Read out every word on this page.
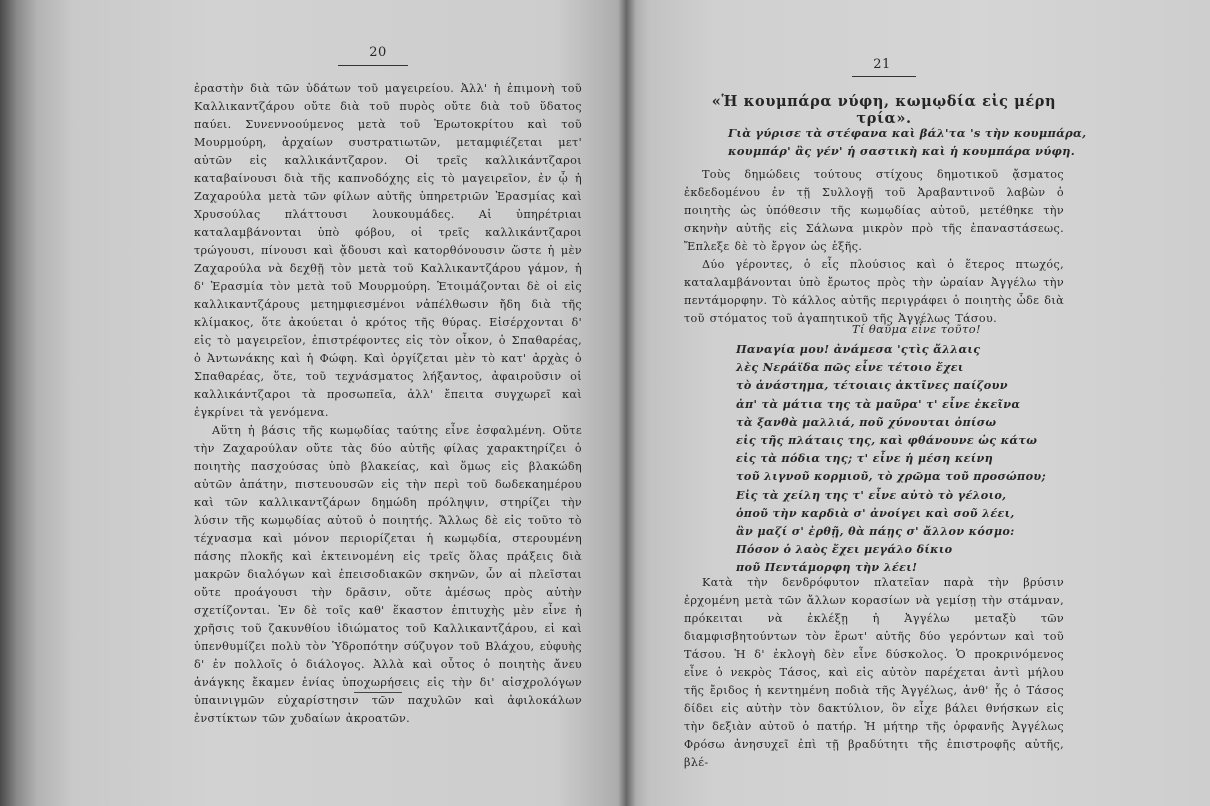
20

ἐραστὴν διὰ τῶν ὑδάτων τοῦ μαγειρείου. Ἀλλ' ἡ ἐπιμονὴ τοῦ Καλλικαντζάρου οὔτε διὰ τοῦ πυρὸς οὔτε διὰ τοῦ ὕδατος παύει. Συνεννοούμενος μετὰ τοῦ Ἐρωτοκρίτου καὶ τοῦ Μουρμούρη, ἀρχαίων συστρατιωτῶν, μεταμφιέζεται μετ' αὐτῶν εἰς καλλικάντζαρον. Οἱ τρεῖς καλλικάντζαροι καταβαίνουσι διὰ τῆς καπνοδόχης εἰς τὸ μαγειρεῖον, ἐν ᾧ ἡ Ζαχαρούλα μετὰ τῶν φίλων αὐτῆς ὑπηρετριῶν Ἐρασμίας καὶ Χρυσούλας πλάττουσι λουκουμάδες. Αἱ ὑπηρέτριαι καταλαμβάνονται ὑπὸ φόβου, οἱ τρεῖς καλλικάντζαροι τρώγουσι, πίνουσι καὶ ᾄδουσι καὶ κατορθόνουσιν ὥστε ἡ μὲν Ζαχαρούλα νὰ δεχθῇ τὸν μετὰ τοῦ Καλλικαντζάρου γάμον, ἡ δ' Ἐρασμία τὸν μετὰ τοῦ Μουρμούρη. Ἑτοιμάζονται δὲ οἱ εἰς καλλικαντζάρους μετημφιεσμένοι νἀπέλθωσιν ἤδη διὰ τῆς κλίμακος, ὅτε ἀκούεται ὁ κρότος τῆς θύρας. Εἰσέρχονται δ' εἰς τὸ μαγειρεῖον, ἐπιστρέφοντες εἰς τὸν οἶκον, ὁ Σπαθαρέας, ὁ Ἀντωνάκης καὶ ἡ Φώφη. Καὶ ὀργίζεται μὲν τὸ κατ' ἀρχὰς ὁ Σπαθαρέας, ὅτε, τοῦ τεχνάσματος λήξαντος, ἀφαιροῦσιν οἱ καλλικάντζαροι τὰ προσωπεῖα, ἀλλ' ἔπειτα συγχωρεῖ καὶ ἐγκρίνει τὰ γενόμενα.

Αὕτη ἡ βάσις τῆς κωμῳδίας ταύτης εἶνε ἐσφαλμένη. Οὔτε τὴν Ζαχαρούλαν οὔτε τὰς δύο αὐτῆς φίλας χαρακτηρίζει ὁ ποιητὴς πασχούσας ὑπὸ βλακείας, καὶ ὅμως εἰς βλακώδη αὐτῶν ἀπάτην, πιστευουσῶν εἰς τὴν περὶ τοῦ δωδεκαημέρου καὶ τῶν καλλικαντζάρων δημώδη πρόληψιν, στηρίζει τὴν λύσιν τῆς κωμῳδίας αὑτοῦ ὁ ποιητής. Ἄλλως δὲ εἰς τοῦτο τὸ τέχνασμα καὶ μόνον περιορίζεται ἡ κωμῳδία, στερουμένη πάσης πλοκῆς καὶ ἐκτεινομένη εἰς τρεῖς ὅλας πράξεις διὰ μακρῶν διαλόγων καὶ ἐπεισοδιακῶν σκηνῶν, ὧν αἱ πλεῖσται οὔτε προάγουσι τὴν δρᾶσιν, οὔτε ἀμέσως πρὸς αὐτὴν σχετίζονται. Ἐν δὲ τοῖς καθ' ἕκαστον ἐπιτυχὴς μὲν εἶνε ἡ χρῆσις τοῦ ζακυνθίου ἰδιώματος τοῦ Καλλικαντζάρου, εἰ καὶ ὑπενθυμίζει πολὺ τὸν Ὑδροπότην σύζυγον τοῦ Βλάχου, εὐφυὴς δ' ἐν πολλοῖς ὁ διάλογος. Ἀλλὰ καὶ οὗτος ὁ ποιητὴς ἄνευ ἀνάγκης ἔκαμεν ἐνίας ὑποχωρήσεις εἰς τὴν δι' αἰσχρολόγων ὑπαινιγμῶν εὐχαρίστησιν τῶν παχυλῶν καὶ ἀφιλοκάλων ἐνστίκτων τῶν χυδαίων ἀκροατῶν.

21
«Ἡ κουμπάρα νύφη, κωμῳδία εἰς μέρη τρία».
Γιὰ γύρισε τὰ στέφανα καὶ βάλ'τα 's τὴν κουμπάρα,
κουμπάρ' ἂς γέν' ἡ σαστικὴ καὶ ἡ κουμπάρα νύφη.

Τοὺς δημώδεις τούτους στίχους δημοτικοῦ ᾄσματος ἐκδεδομένου ἐν τῇ Συλλογῇ τοῦ Ἀραβαντινοῦ λαβὼν ὁ ποιητὴς ὡς ὑπόθεσιν τῆς κωμῳδίας αὐτοῦ, μετέθηκε τὴν σκηνὴν αὐτῆς εἰς Σάλωνα μικρὸν πρὸ τῆς ἐπαναστάσεως. Ἔπλεξε δὲ τὸ ἔργον ὡς ἑξῆς.

Δύο γέροντες, ὁ εἷς πλούσιος καὶ ὁ ἕτερος πτωχός, καταλαμβάνονται ὑπὸ ἔρωτος πρὸς τὴν ὡραίαν Ἀγγέλω τὴν πεντάμορφην. Τὸ κάλλος αὐτῆς περιγράφει ὁ ποιητὴς ὧδε διὰ τοῦ στόματος τοῦ ἀγαπητικοῦ τῆς Ἀγγέλως Τάσου.

Τί θαῦμα εἶνε τοῦτο!
Παναγία μου! ἀνάμεσα 'ςτὶς ἄλλαις
λὲς Νεράϊδα πῶς εἶνε τέτοιο ἔχει
τὸ ἀνάστημα, τέτοιαις ἀκτῖνες παίζουν
ἀπ' τὰ μάτια της τὰ μαῦρα' τ' εἶνε ἐκεῖνα
τὰ ξανθὰ μαλλιά, ποῦ χύνουται ὀπίσω
εἰς τῆς πλάταις της, καὶ φθάνουνε ὡς κάτω
εἰς τὰ πόδια της; τ' εἶνε ἡ μέση κείνη
τοῦ λιγνοῦ κορμιοῦ, τὸ χρῶμα τοῦ προσώπου;
Εἰς τὰ χείλη της τ' εἶνε αὐτὸ τὸ γέλοιο,
ὁποῦ τὴν καρδιὰ σ' ἀνοίγει καὶ σοῦ λέει,
ἂν μαζί σ' ἐρθῇ, θὰ πάῃς σ' ἄλλον κόσμο:
Πόσον ὁ λαὸς ἔχει μεγάλο δίκιο
ποῦ Πεντάμορφη τὴν λέει!

Κατὰ τὴν δενδρόφυτον πλατεῖαν παρὰ τὴν βρύσιν ἐρχομένη μετὰ τῶν ἄλλων κορασίων νὰ γεμίσῃ τὴν στάμναν, πρόκειται νὰ ἐκλέξῃ ἡ Ἀγγέλω μεταξὺ τῶν διαμφισβητούντων τὸν ἔρωτ' αὐτῆς δύο γερόντων καὶ τοῦ Τάσου. Ἡ δ' ἐκλογὴ δὲν εἶνε δύσκολος. Ὁ προκρινόμενος εἶνε ὁ νεκρὸς Τάσος, καὶ εἰς αὐτὸν παρέχεται ἀντὶ μήλου τῆς ἔριδος ἡ κεντημένη ποδιὰ τῆς Ἀγγέλως, ἀνθ' ἧς ὁ Τάσος δίδει εἰς αὐτὴν τὸν δακτύλιον, ὃν εἶχε βάλει θνήσκων εἰς τὴν δεξιὰν αὐτοῦ ὁ πατήρ. Ἡ μήτηρ τῆς ὀρφανῆς Ἀγγέλως Φρόσω ἀνησυχεῖ ἐπὶ τῇ βραδύτητι τῆς ἐπιστροφῆς αὐτῆς, βλέ-
